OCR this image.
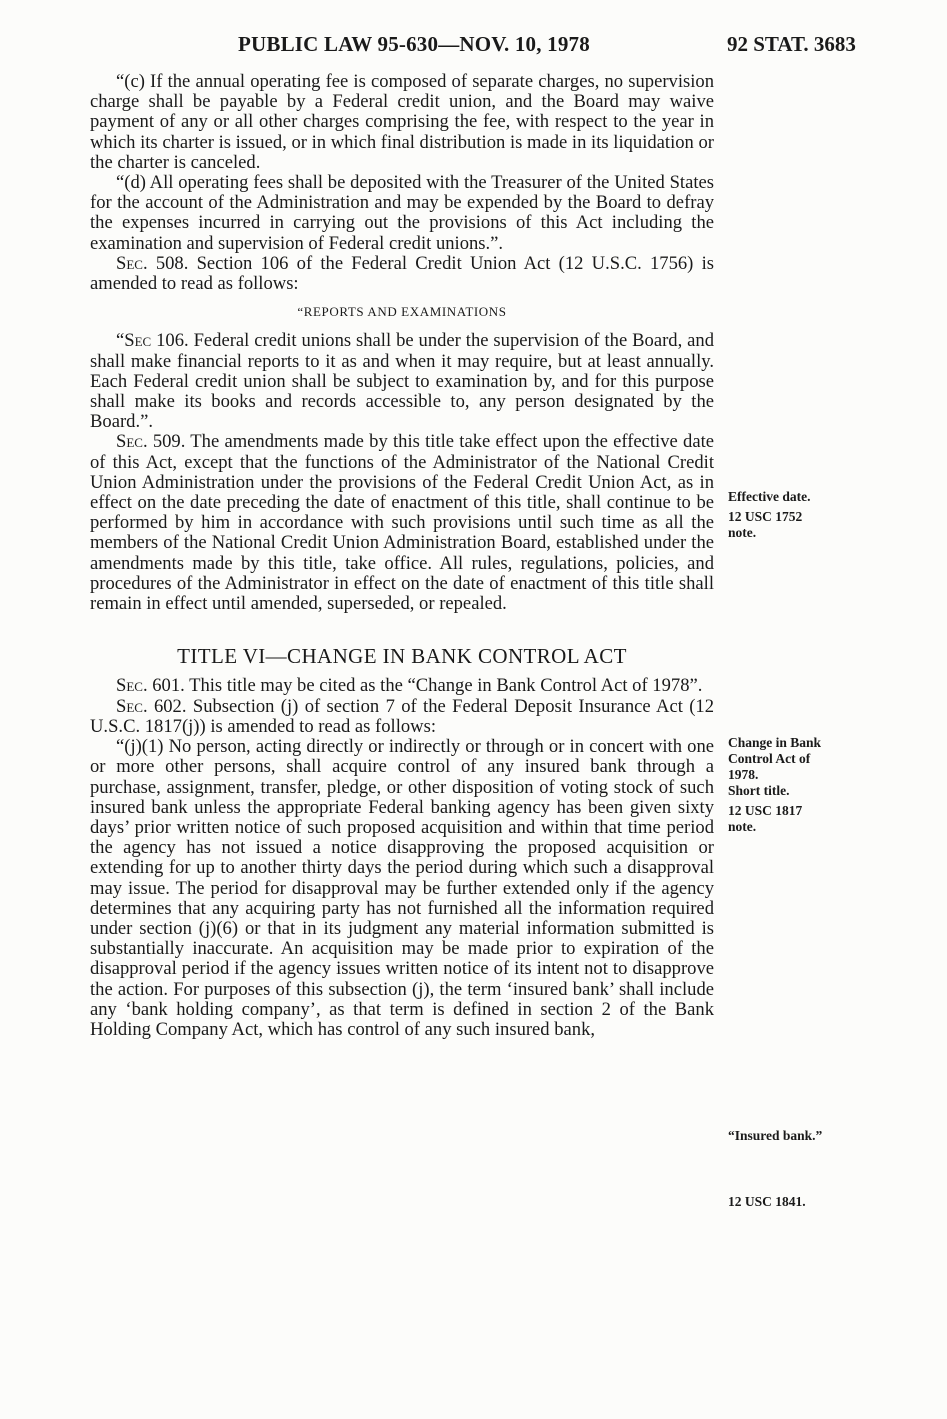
PUBLIC LAW 95-630—NOV. 10, 1978	92 STAT. 3683

“(c) If the annual operating fee is composed of separate charges, no supervision charge shall be payable by a Federal credit union, and the Board may waive payment of any or all other charges comprising the fee, with respect to the year in which its charter is issued, or in which final distribution is made in its liquidation or the charter is canceled.

“(d) All operating fees shall be deposited with the Treasurer of the United States for the account of the Administration and may be expended by the Board to defray the expenses incurred in carrying out the provisions of this Act including the examination and supervision of Federal credit unions.”.

Sec. 508. Section 106 of the Federal Credit Union Act (12 U.S.C. 1756) is amended to read as follows:

“REPORTS AND EXAMINATIONS

“Sec 106. Federal credit unions shall be under the supervision of the Board, and shall make financial reports to it as and when it may require, but at least annually. Each Federal credit union shall be subject to examination by, and for this purpose shall make its books and records accessible to, any person designated by the Board.”.

Sec. 509. The amendments made by this title take effect upon the effective date of this Act, except that the functions of the Administrator of the National Credit Union Administration under the provisions of the Federal Credit Union Act, as in effect on the date preceding the date of enactment of this title, shall continue to be performed by him in accordance with such provisions until such time as all the members of the National Credit Union Administration Board, established under the amendments made by this title, take office. All rules, regulations, policies, and procedures of the Administrator in effect on the date of enactment of this title shall remain in effect until amended, superseded, or repealed.

TITLE VI—CHANGE IN BANK CONTROL ACT

Sec. 601. This title may be cited as the “Change in Bank Control Act of 1978”.

Sec. 602. Subsection (j) of section 7 of the Federal Deposit Insurance Act (12 U.S.C. 1817(j)) is amended to read as follows:

“(j)(1) No person, acting directly or indirectly or through or in concert with one or more other persons, shall acquire control of any insured bank through a purchase, assignment, transfer, pledge, or other disposition of voting stock of such insured bank unless the appropriate Federal banking agency has been given sixty days’ prior written notice of such proposed acquisition and within that time period the agency has not issued a notice disapproving the proposed acquisition or extending for up to another thirty days the period during which such a disapproval may issue. The period for disapproval may be further extended only if the agency determines that any acquiring party has not furnished all the information required under section (j)(6) or that in its judgment any material information submitted is substantially inaccurate. An acquisition may be made prior to expiration of the disapproval period if the agency issues written notice of its intent not to disapprove the action. For purposes of this subsection (j), the term ‘insured bank’ shall include any ‘bank holding company’, as that term is defined in section 2 of the Bank Holding Company Act, which has control of any such insured bank,

Effective date.
12 USC 1752
note.
Change in Bank
Control Act of
1978.
Short title.
12 USC 1817
note.
“Insured bank.”
12 USC 1841.
